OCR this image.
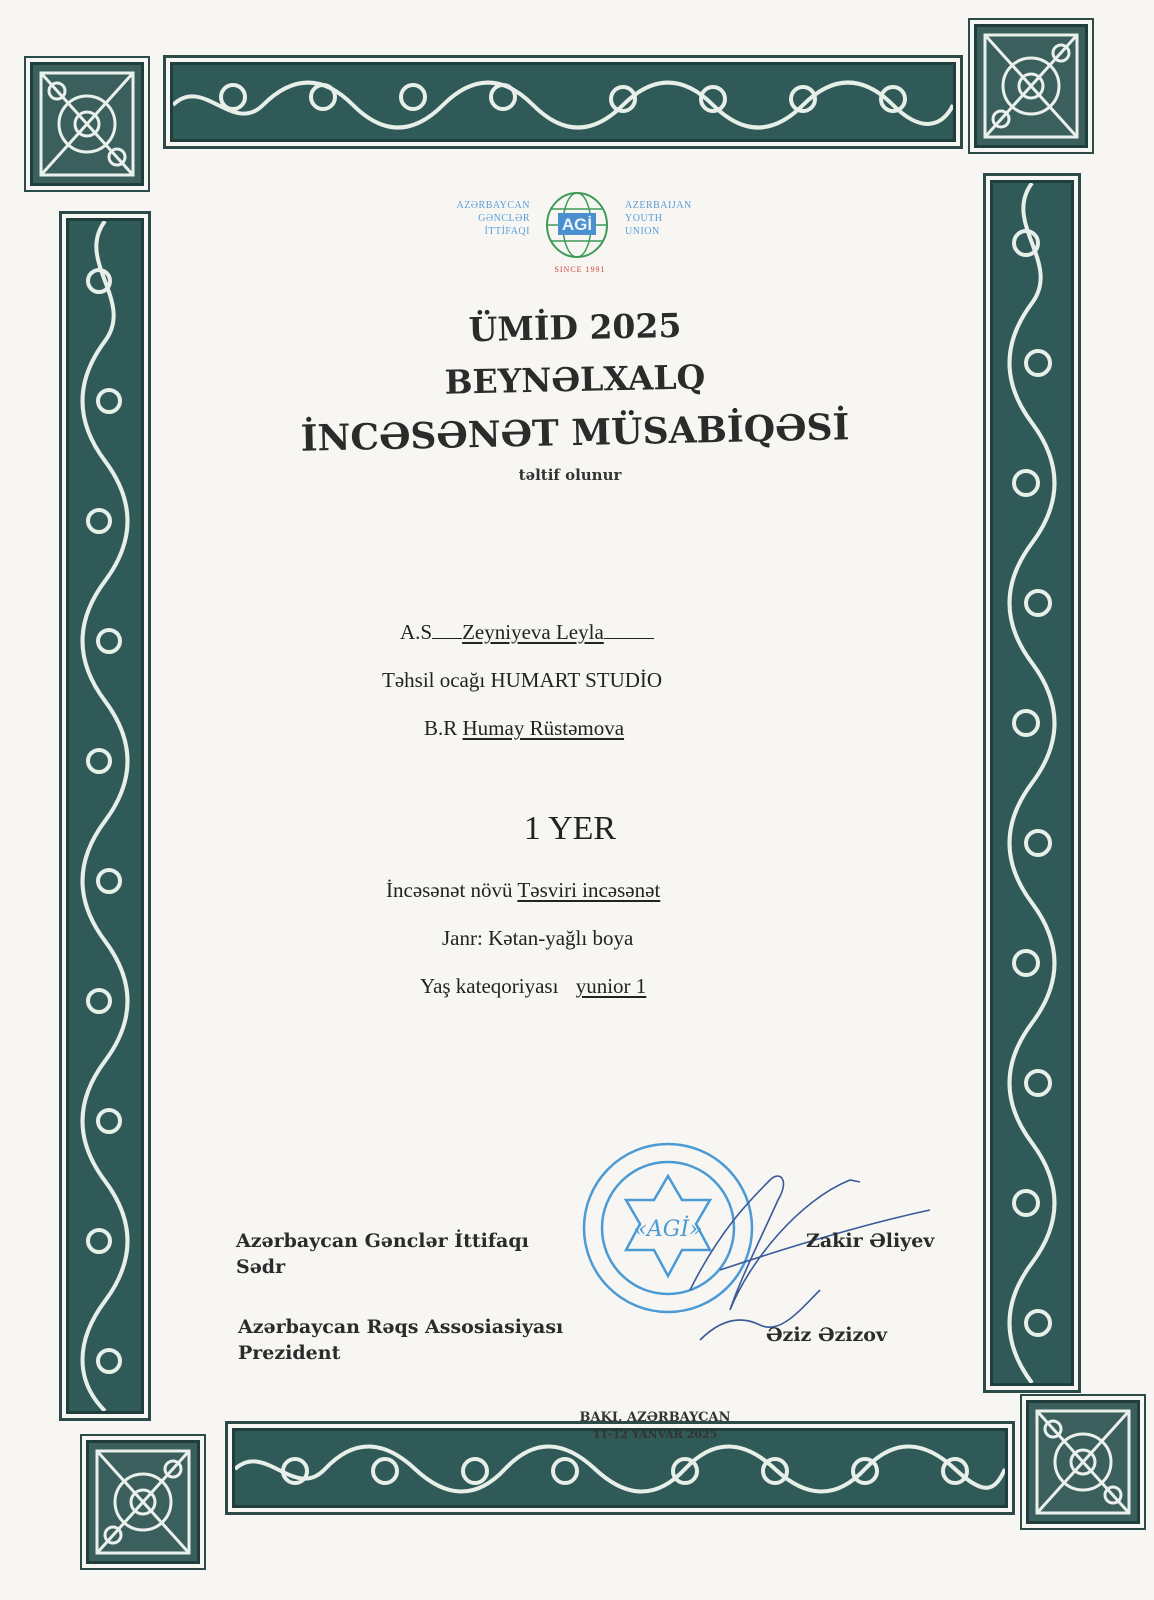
AZƏRBAYCAN
GƏNCLƏR
İTTİFAQI AGİ
AZERBAIJAN
YOUTH
UNION
SINCE 1991
ÜMİD 2025
BEYNƏLXALQ
İNCƏSƏNƏT MÜSABİQƏSİ
təltif olunur
A.S Zeyniyeva Leyla
Təhsil ocağı HUMART STUDİO
B.R Humay Rüstəmova
1 YER
İncəsənət növü Təsviri incəsənət
Janr: Kətan-yağlı boya
Yaş kateqoriyası yunior 1
«AGİ»
Azərbaycan Gənclər İttifaqı
Sədr
Zakir Əliyev
Azərbaycan Rəqs Assosiasiyası
Prezident
Əziz Əzizov
BAKI, AZƏRBAYCAN
11-12 YANVAR 2025
